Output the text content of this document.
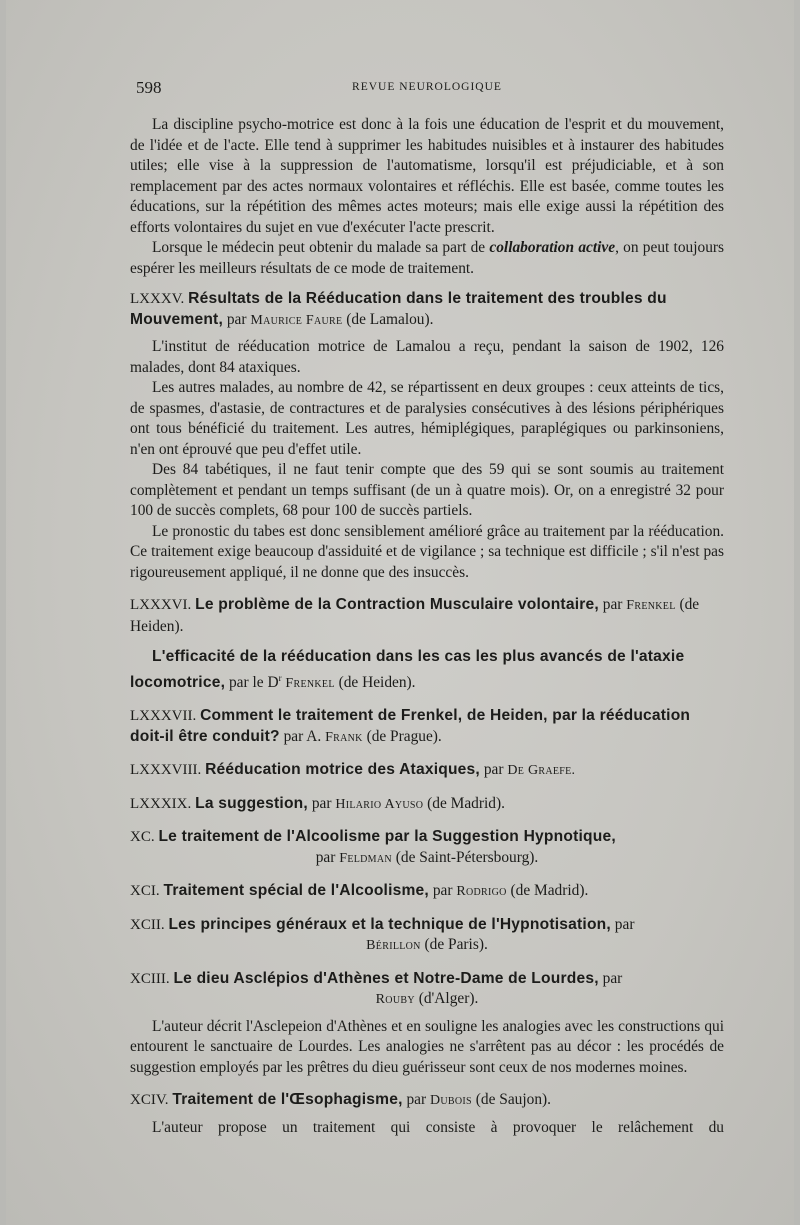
598	REVUE NEUROLOGIQUE

La discipline psycho-motrice est donc à la fois une éducation de l'esprit et du mouvement, de l'idée et de l'acte. Elle tend à supprimer les habitudes nuisibles et à instaurer des habitudes utiles; elle vise à la suppression de l'automatisme, lorsqu'il est préjudiciable, et à son remplacement par des actes normaux volontaires et réfléchis. Elle est basée, comme toutes les éducations, sur la répétition des mêmes actes moteurs; mais elle exige aussi la répétition des efforts volontaires du sujet en vue d'exécuter l'acte prescrit.

Lorsque le médecin peut obtenir du malade sa part de collaboration active, on peut toujours espérer les meilleurs résultats de ce mode de traitement.

LXXXV. Résultats de la Rééducation dans le traitement des troubles du Mouvement, par Maurice Faure (de Lamalou).

L'institut de rééducation motrice de Lamalou a reçu, pendant la saison de 1902, 126 malades, dont 84 ataxiques.

Les autres malades, au nombre de 42, se répartissent en deux groupes : ceux atteints de tics, de spasmes, d'astasie, de contractures et de paralysies consécutives à des lésions périphériques ont tous bénéficié du traitement. Les autres, hémiplégiques, paraplégiques ou parkinsoniens, n'en ont éprouvé que peu d'effet utile.

Des 84 tabétiques, il ne faut tenir compte que des 59 qui se sont soumis au traitement complètement et pendant un temps suffisant (de un à quatre mois). Or, on a enregistré 32 pour 100 de succès complets, 68 pour 100 de succès partiels.

Le pronostic du tabes est donc sensiblement amélioré grâce au traitement par la rééducation. Ce traitement exige beaucoup d'assiduité et de vigilance ; sa technique est difficile ; s'il n'est pas rigoureusement appliqué, il ne donne que des insuccès.

LXXXVI. Le problème de la Contraction Musculaire volontaire, par Frenkel (de Heiden).
L'efficacité de la rééducation dans les cas les plus avancés de l'ataxie locomotrice, par le $D^r$ Frenkel (de Heiden).
LXXXVII. Comment le traitement de Frenkel, de Heiden, par la rééducation doit-il être conduit? par A. Frank (de Prague).
LXXXVIII. Rééducation motrice des Ataxiques, par De Graefe.
LXXXIX. La suggestion, par Hilario Ayuso (de Madrid).
XC. Le traitement de l'Alcoolisme par la Suggestion Hypnotique,
par Feldman (de Saint-Pétersbourg).
XCI. Traitement spécial de l'Alcoolisme, par Rodrigo (de Madrid).
XCII. Les principes généraux et la technique de l'Hypnotisation, par
Bérillon (de Paris).
XCIII. Le dieu Asclépios d'Athènes et Notre-Dame de Lourdes, par
Rouby (d'Alger).

L'auteur décrit l'Asclepeion d'Athènes et en souligne les analogies avec les constructions qui entourent le sanctuaire de Lourdes. Les analogies ne s'arrêtent pas au décor : les procédés de suggestion employés par les prêtres du dieu guérisseur sont ceux de nos modernes moines.

XCIV. Traitement de l'Œsophagisme, par Dubois (de Saujon).

L'auteur propose un traitement qui consiste à provoquer le relâchement du
